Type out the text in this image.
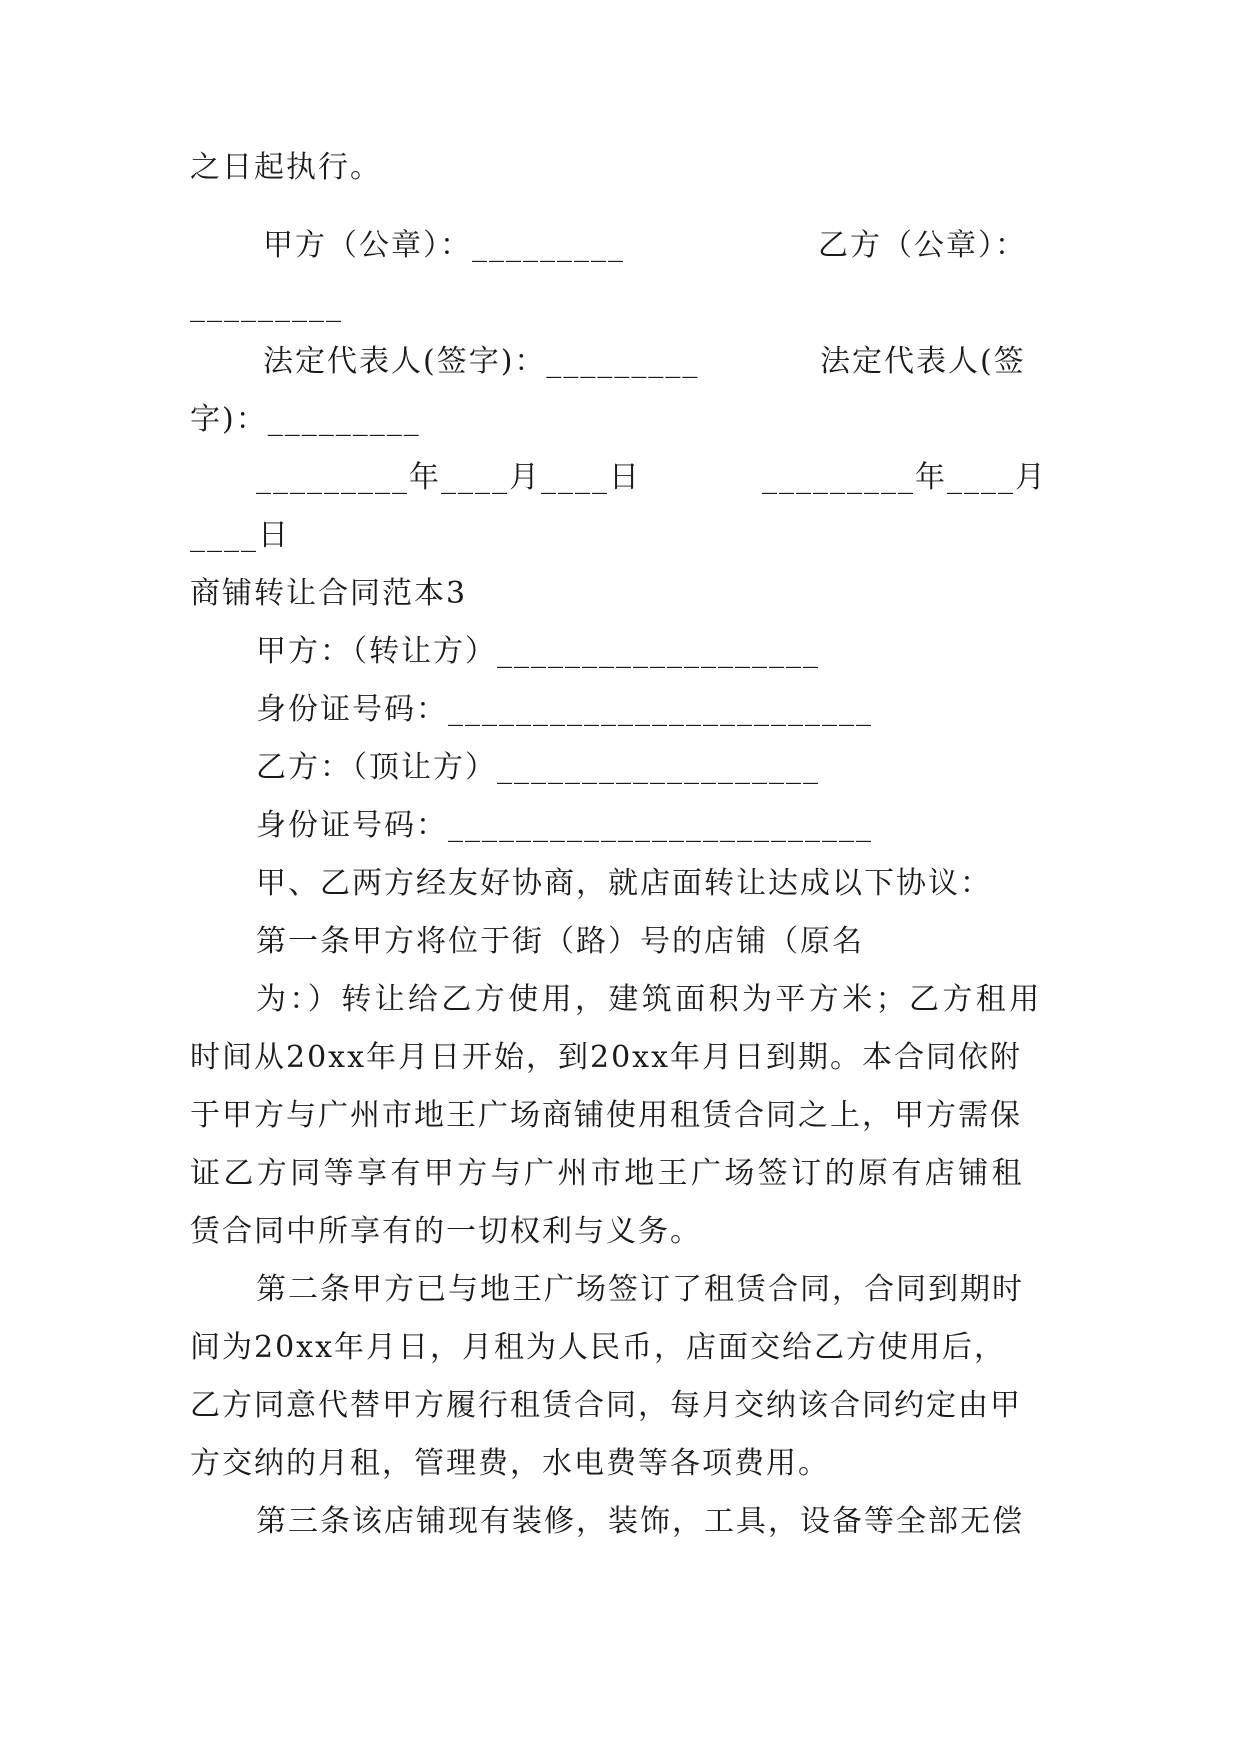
之日起执行。
甲方（公章）：_________	乙方（公章）：
_________
法定代表人(签字)：_________	法定代表人(签
字)：_________
_________年____月____日	_________年____月
____日
商铺转让合同范本3
甲方：（转让方）___________________
身份证号码：_________________________
乙方：（顶让方）___________________
身份证号码：_________________________
甲、乙两方经友好协商，就店面转让达成以下协议：
第一条甲方将位于街（路）号的店铺（原名
为：）转让给乙方使用，建筑面积为平方米；乙方租用
时间从20xx年月日开始，到20xx年月日到期。本合同依附
于甲方与广州市地王广场商铺使用租赁合同之上，甲方需保
证乙方同等享有甲方与广州市地王广场签订的原有店铺租
赁合同中所享有的一切权利与义务。
第二条甲方已与地王广场签订了租赁合同，合同到期时
间为20xx年月日，月租为人民币，店面交给乙方使用后，
乙方同意代替甲方履行租赁合同，每月交纳该合同约定由甲
方交纳的月租，管理费，水电费等各项费用。
第三条该店铺现有装修，装饰，工具，设备等全部无偿
